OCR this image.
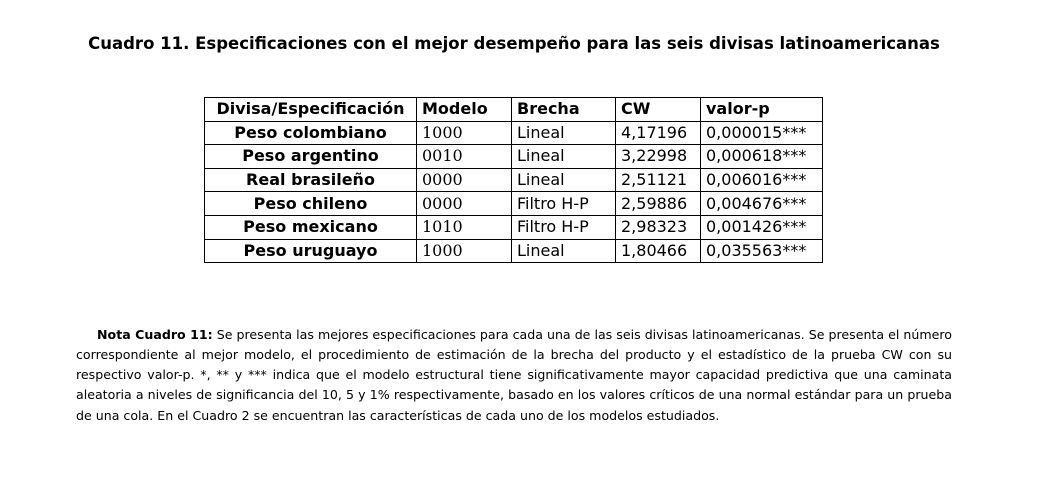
Cuadro 11. Especificaciones con el mejor desempeño para las seis divisas latinoamericanas
Divisa/Especificación	Modelo	Brecha	CW	valor-p
Peso colombiano	1000	Lineal	4,17196	0,000015***
Peso argentino	0010	Lineal	3,22998	0,000618***
Real brasileño	0000	Lineal	2,51121	0,006016***
Peso chileno	0000	Filtro H-P	2,59886	0,004676***
Peso mexicano	1010	Filtro H-P	2,98323	0,001426***
Peso uruguayo	1000	Lineal	1,80466	0,035563***

Nota Cuadro 11: Se presenta las mejores especificaciones para cada una de las seis divisas latinoamericanas. Se presenta el número correspondiente al mejor modelo, el procedimiento de estimación de la brecha del producto y el estadístico de la prueba CW con su respectivo valor-p. *, ** y *** indica que el modelo estructural tiene significativamente mayor capacidad predictiva que una caminata aleatoria a niveles de significancia del 10, 5 y 1% respectivamente, basado en los valores críticos de una normal estándar para un prueba de una cola. En el Cuadro 2 se encuentran las características de cada uno de los modelos estudiados.
